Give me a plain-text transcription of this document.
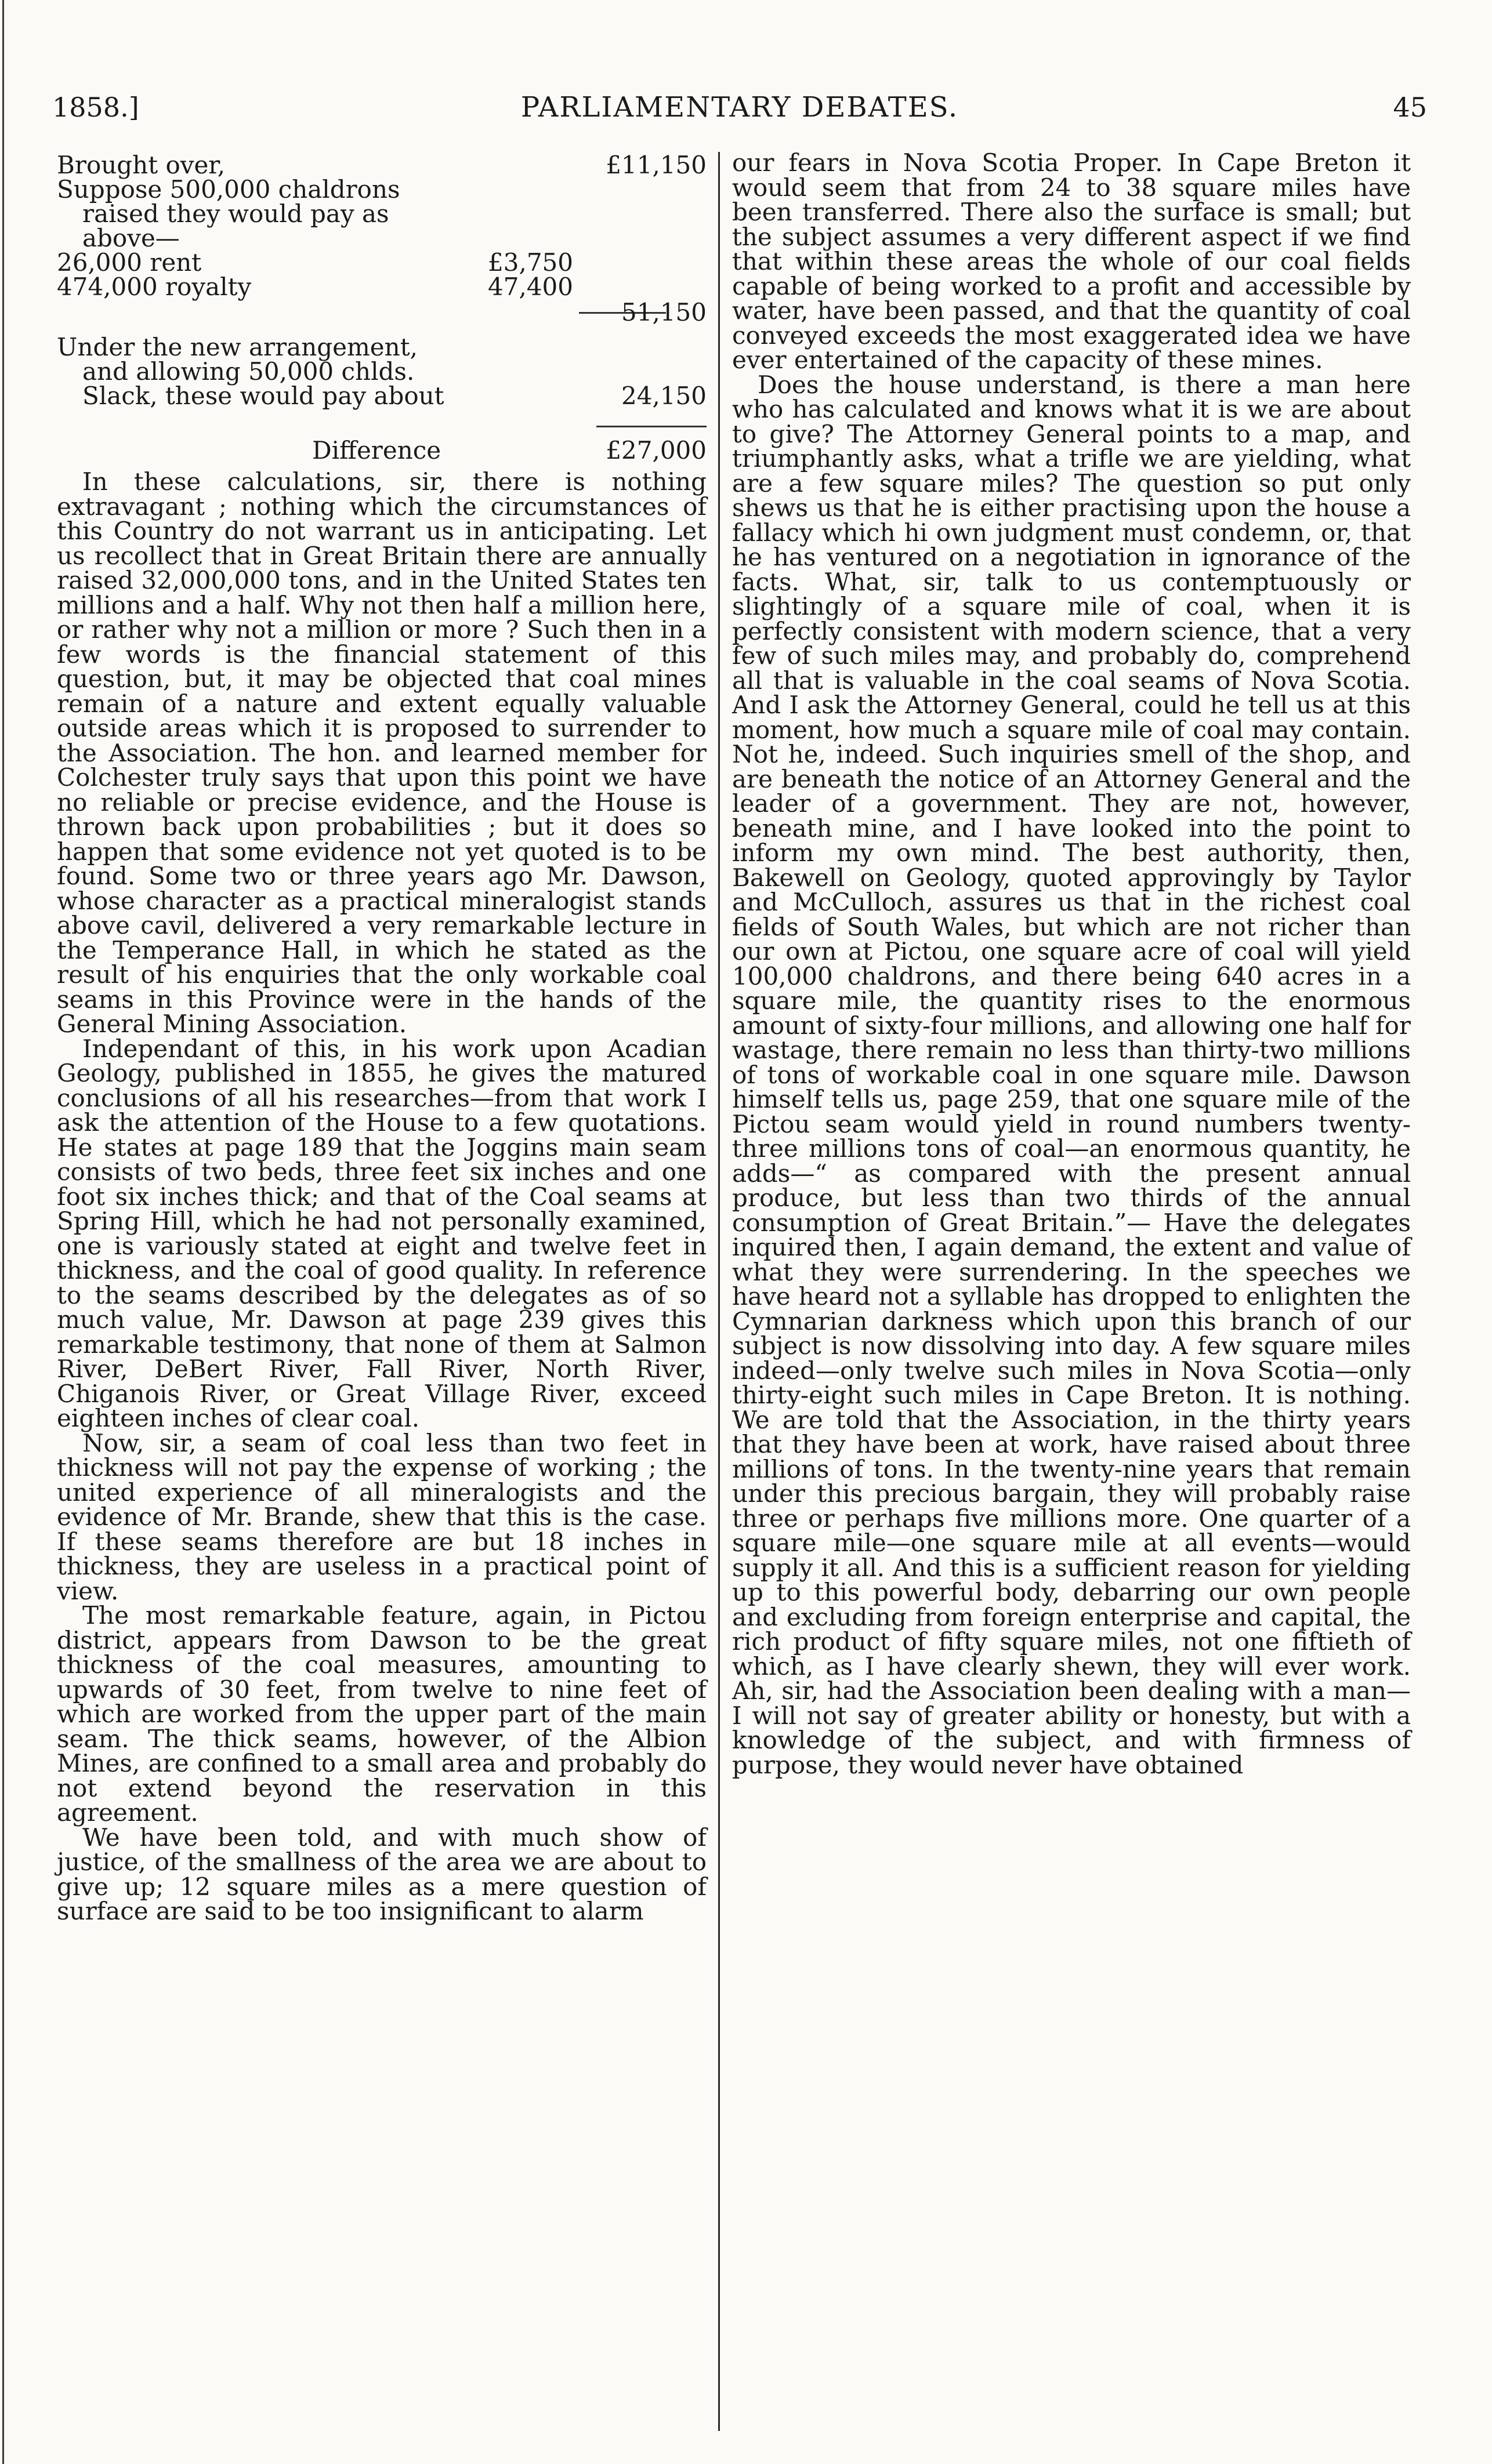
1858.]	PARLIAMENTARY DEBATES.	45
Brought over,	£11,150
Suppose 500,000 chaldrons
raised they would pay as
above—
26,000 rent	£3,750
474,000 royalty	47,400
51,150
Under the new arrangement,
and allowing 50,000 chlds.
Slack, these would pay about	24,150
Difference	£27,000

In these calculations, sir, there is nothing extravagant ; nothing which the circumstances of this Country do not warrant us in anticipating. Let us recollect that in Great Britain there are annually raised 32,000,000 tons, and in the United States ten millions and a half. Why not then half a million here, or rather why not a million or more ? Such then in a few words is the financial statement of this question, but, it may be objected that coal mines remain of a nature and extent equally valuable outside areas which it is proposed to surrender to the Association. The hon. and learned member for Colchester truly says that upon this point we have no reliable or precise evidence, and the House is thrown back upon probabilities ; but it does so happen that some evidence not yet quoted is to be found. Some two or three years ago Mr. Dawson, whose character as a practical mineralogist stands above cavil, delivered a very remarkable lecture in the Temperance Hall, in which he stated as the result of his enquiries that the only workable coal seams in this Province were in the hands of the General Mining Association.

Independant of this, in his work upon Acadian Geology, published in 1855, he gives the matured conclusions of all his researches—from that work I ask the attention of the House to a few quotations. He states at page 189 that the Joggins main seam consists of two beds, three feet six inches and one foot six inches thick; and that of the Coal seams at Spring Hill, which he had not personally examined, one is variously stated at eight and twelve feet in thickness, and the coal of good quality. In reference to the seams described by the delegates as of so much value, Mr. Dawson at page 239 gives this remarkable testimony, that none of them at Salmon River, DeBert River, Fall River, North River, Chiganois River, or Great Village River, exceed eighteen inches of clear coal.

Now, sir, a seam of coal less than two feet in thickness will not pay the expense of working ; the united experience of all mineralogists and the evidence of Mr. Brande, shew that this is the case. If these seams therefore are but 18 inches in thickness, they are useless in a practical point of view.

The most remarkable feature, again, in Pictou district, appears from Dawson to be the great thickness of the coal measures, amounting to upwards of 30 feet, from twelve to nine feet of which are worked from the upper part of the main seam. The thick seams, however, of the Albion Mines, are confined to a small area and probably do not extend beyond the reservation in this agreement.

We have been told, and with much show of justice, of the smallness of the area we are about to give up; 12 square miles as a mere question of surface are said to be too insignificant to alarm

our fears in Nova Scotia Proper. In Cape Breton it would seem that from 24 to 38 square miles have been transferred. There also the surface is small; but the subject assumes a very different aspect if we find that within these areas the whole of our coal fields capable of being worked to a profit and accessible by water, have been passed, and that the quantity of coal conveyed exceeds the most exaggerated idea we have ever entertained of the capacity of these mines.

Does the house understand, is there a man here who has calculated and knows what it is we are about to give? The Attorney General points to a map, and triumphantly asks, what a trifle we are yielding, what are a few square miles? The question so put only shews us that he is either practising upon the house a fallacy which hi own judgment must condemn, or, that he has ventured on a negotiation in ignorance of the facts. What, sir, talk to us contemptuously or slightingly of a square mile of coal, when it is perfectly consistent with modern science, that a very few of such miles may, and probably do, comprehend all that is valuable in the coal seams of Nova Scotia. And I ask the Attorney General, could he tell us at this moment, how much a square mile of coal may contain. Not he, indeed. Such inquiries smell of the shop, and are beneath the notice of an Attorney General and the leader of a government. They are not, however, beneath mine, and I have looked into the point to inform my own mind. The best authority, then, Bakewell on Geology, quoted approvingly by Taylor and McCulloch, assures us that in the richest coal fields of South Wales, but which are not richer than our own at Pictou, one square acre of coal will yield 100,000 chaldrons, and there being 640 acres in a square mile, the quantity rises to the enormous amount of sixty-four millions, and allowing one half for wastage, there remain no less than thirty-two millions of tons of workable coal in one square mile. Dawson himself tells us, page 259, that one square mile of the Pictou seam would yield in round numbers twenty-three millions tons of coal—an enormous quantity, he adds—“ as compared with the present annual produce, but less than two thirds of the annual consumption of Great Britain.”— Have the delegates inquired then, I again demand, the extent and value of what they were surrendering. In the speeches we have heard not a syllable has dropped to enlighten the Cymnarian darkness which upon this branch of our subject is now dissolving into day. A few square miles indeed—only twelve such miles in Nova Scotia—only thirty-eight such miles in Cape Breton. It is nothing. We are told that the Association, in the thirty years that they have been at work, have raised about three millions of tons. In the twenty-nine years that remain under this precious bargain, they will probably raise three or perhaps five millions more. One quarter of a square mile—one square mile at all events—would supply it all. And this is a sufficient reason for yielding up to this powerful body, debarring our own people and excluding from foreign enterprise and capital, the rich product of fifty square miles, not one fiftieth of which, as I have clearly shewn, they will ever work. Ah, sir, had the Association been dealing with a man—I will not say of greater ability or honesty, but with a knowledge of the subject, and with firmness of purpose, they would never have obtained
